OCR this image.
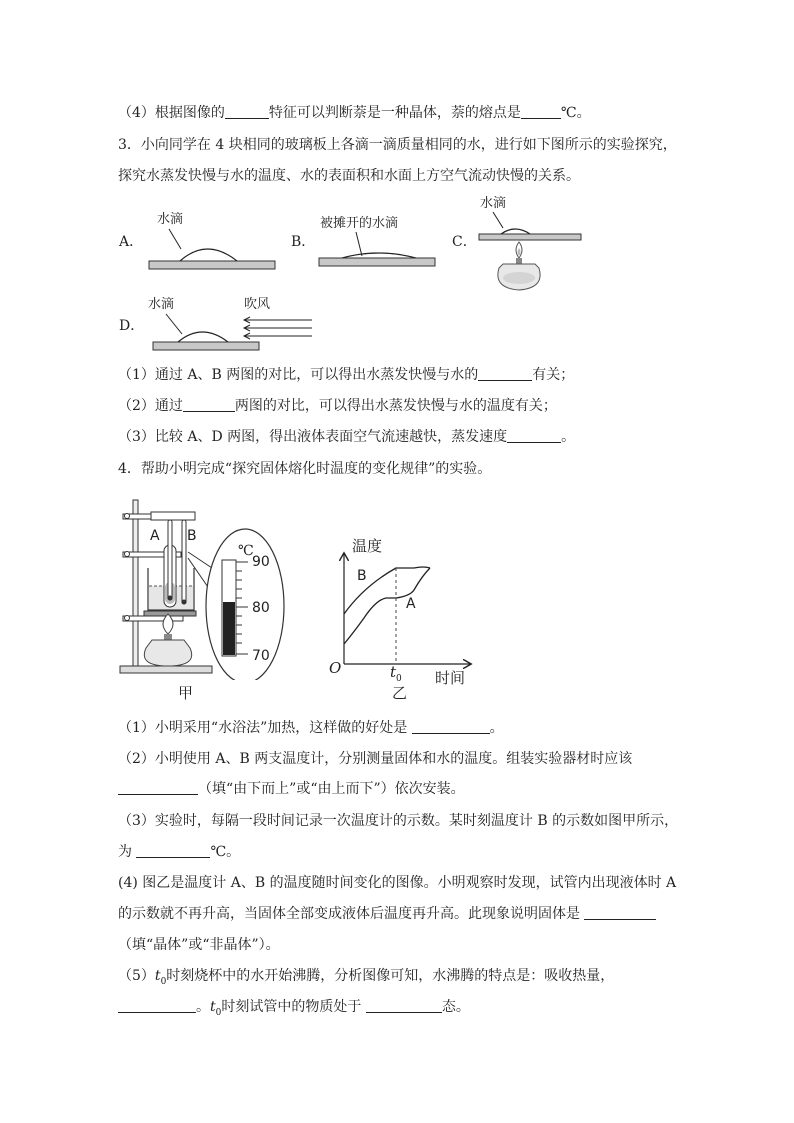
（4）根据图像的	特征可以判断萘是一种晶体，萘的熔点是	℃。
3．小向同学在 4 块相同的玻璃板上各滴一滴质量相同的水，进行如下图所示的实验探究，
探究水蒸发快慢与水的温度、水的表面积和水面上方空气流动快慢的关系。
A．
水滴
B．
被摊开的水滴
C．
水滴
D．
水滴	吹风
（1）通过 A、B 两图的对比，可以得出水蒸发快慢与水的	有关；
（2）通过	两图的对比，可以得出水蒸发快慢与水的温度有关；
（3）比较 A、D 两图，得出液体表面空气流速越快，蒸发速度	。
4．帮助小明完成“探究固体熔化时温度的变化规律”的实验。
A B
℃
90
80
70
甲
温度
B
A
O	$t_0$ 时间
乙
（1）小明采用“水浴法”加热，这样做的好处是	。
（2）小明使用 A、B 两支温度计，分别测量固体和水的温度。组装实验器材时应该
（填“由下而上”或“由上而下”）依次安装。
（3）实验时，每隔一段时间记录一次温度计的示数。某时刻温度计 B 的示数如图甲所示，
为	℃。
(4) 图乙是温度计 A、B 的温度随时间变化的图像。小明观察时发现，试管内出现液体时 A
的示数就不再升高，当固体全部变成液体后温度再升高。此现象说明固体是
（填“晶体”或“非晶体”）。
$(5)t_0$时刻烧杯中的水开始沸腾，分析图像可知，水沸腾的特点是：吸收热量，
。$t_0$时刻试管中的物质处于	态。
